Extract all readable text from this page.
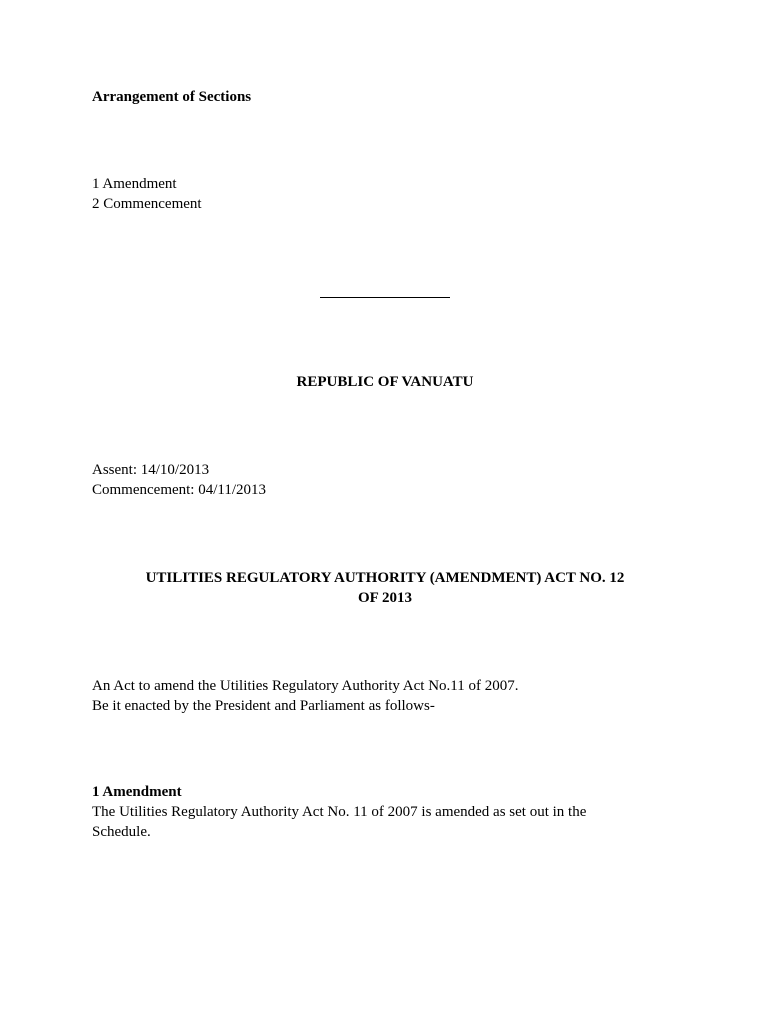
Arrangement of Sections
1 Amendment
2 Commencement
REPUBLIC OF VANUATU
Assent: 14/10/2013
Commencement: 04/11/2013
UTILITIES REGULATORY AUTHORITY (AMENDMENT) ACT NO. 12
OF 2013
An Act to amend the Utilities Regulatory Authority Act No.11 of 2007.
Be it enacted by the President and Parliament as follows-
1 Amendment
The Utilities Regulatory Authority Act No. 11 of 2007 is amended as set out in the
Schedule.
